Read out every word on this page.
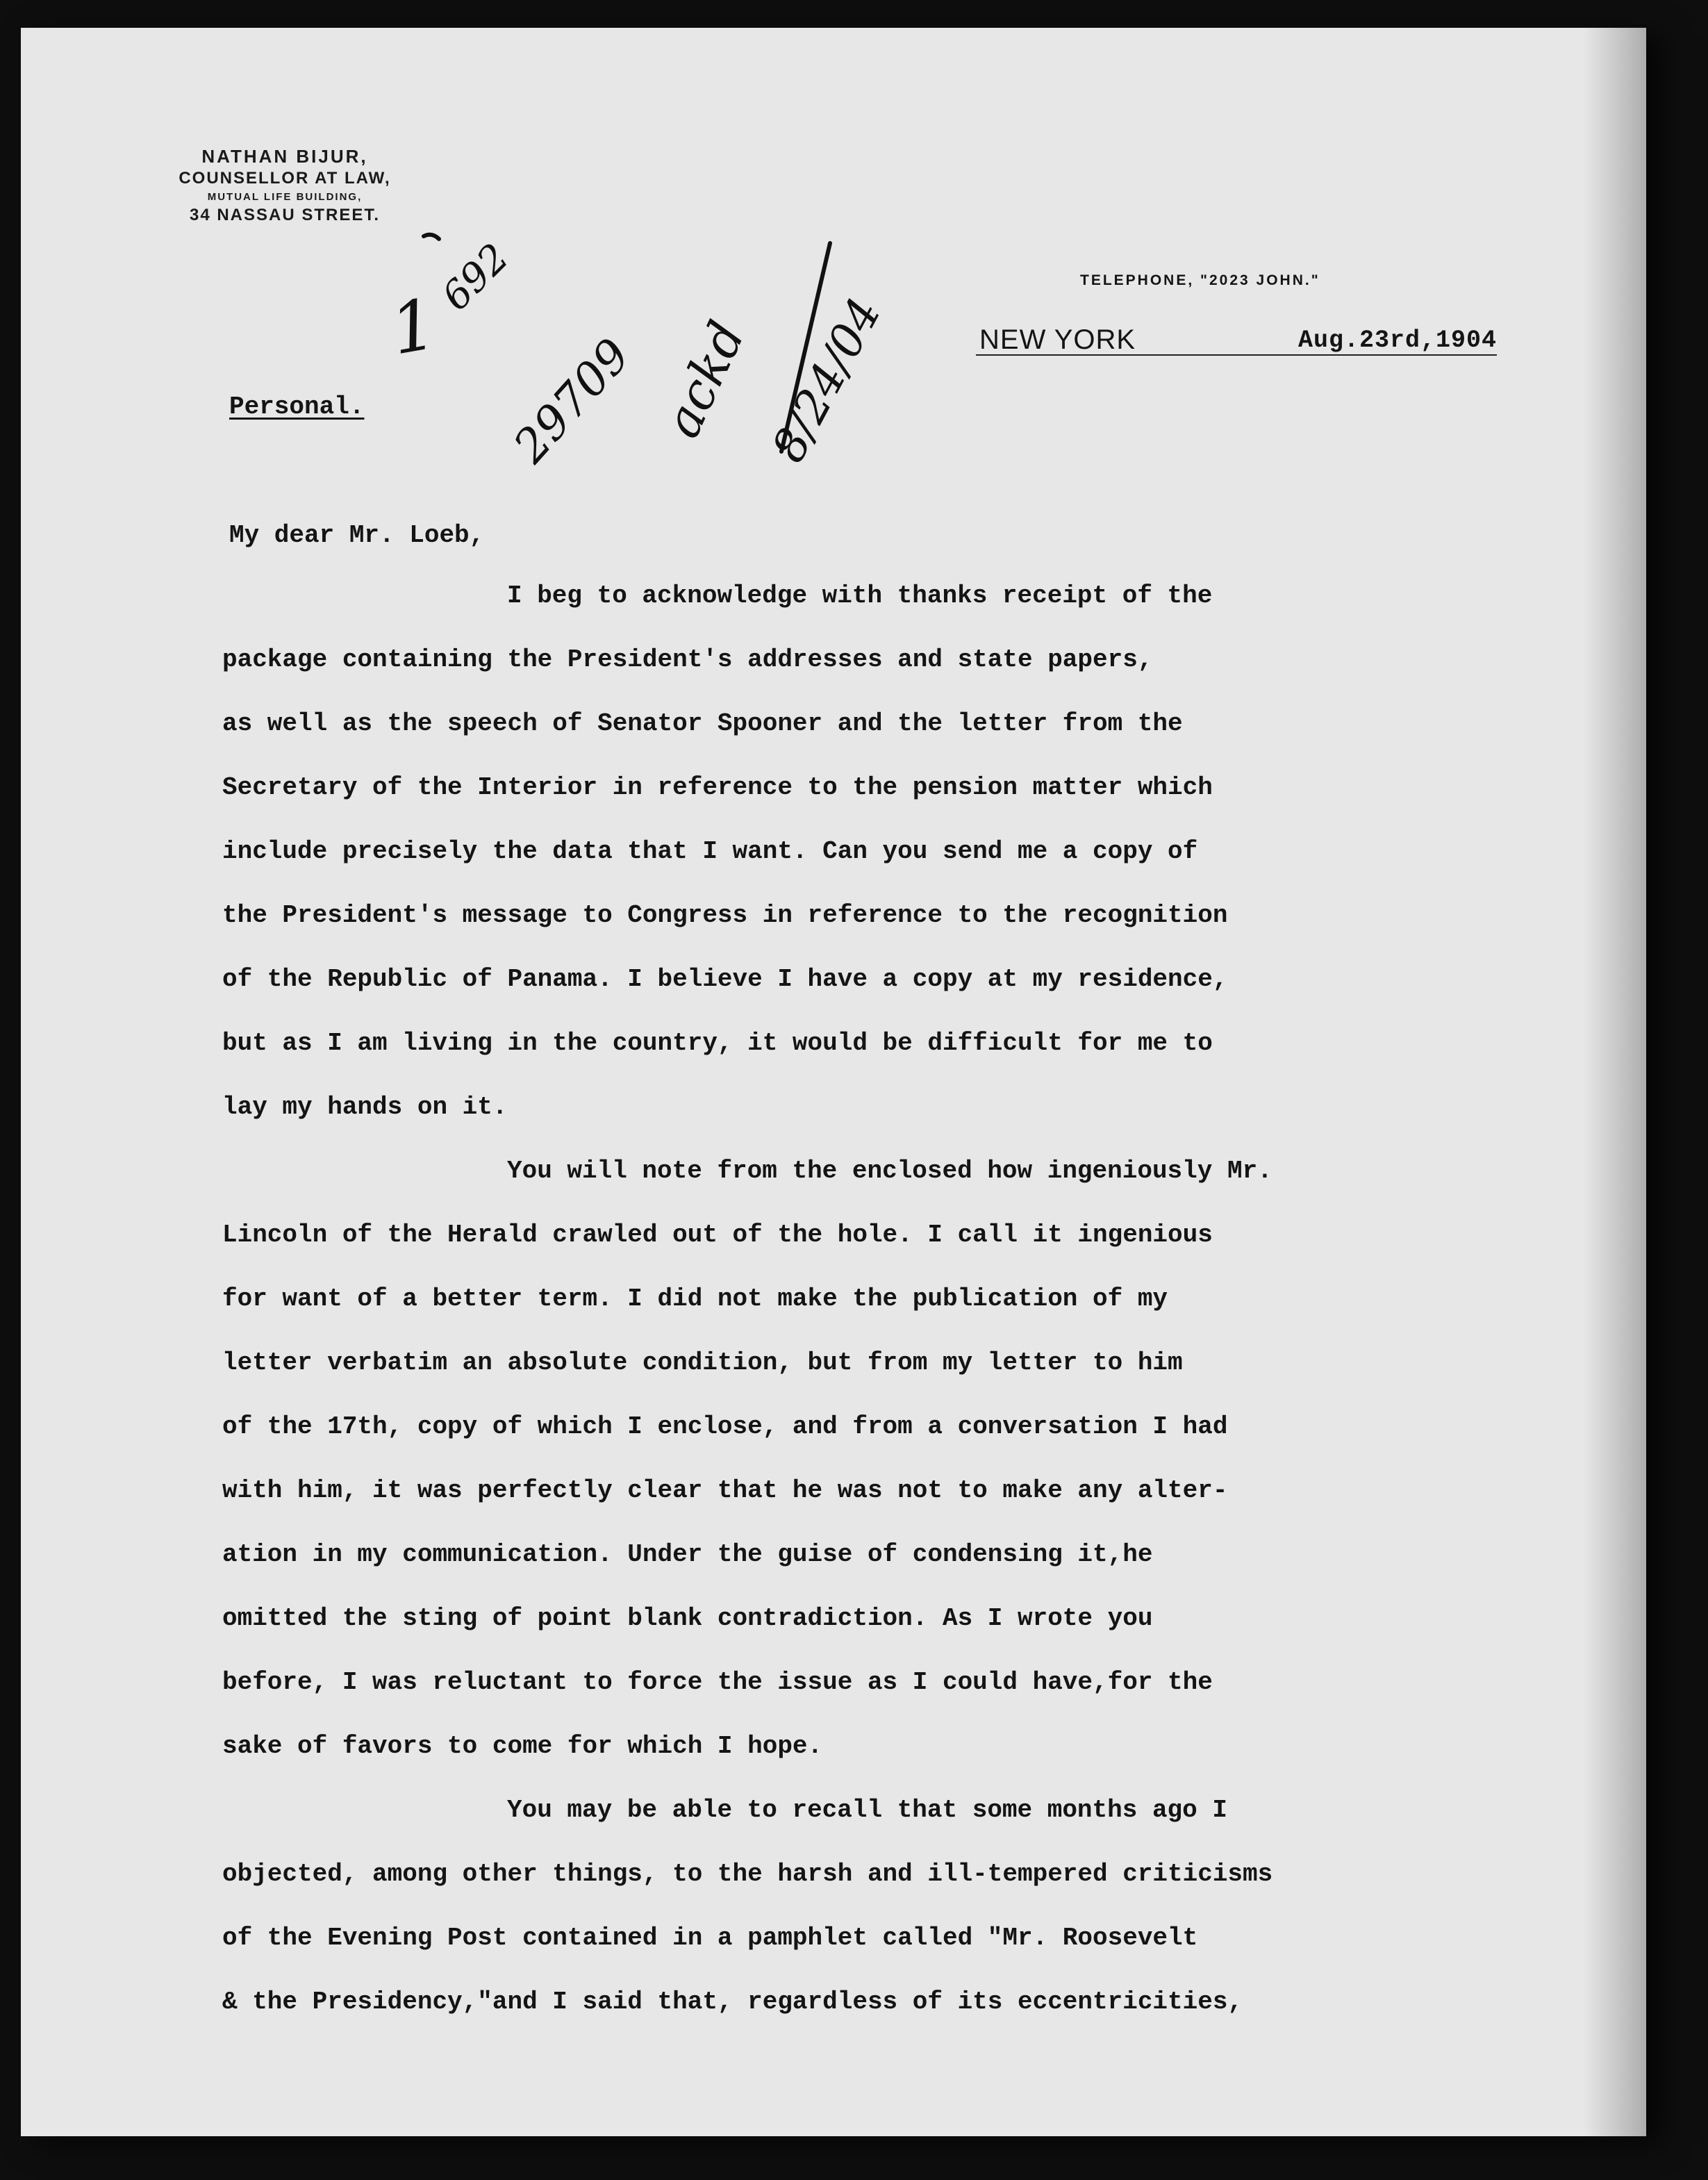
NATHAN BIJUR,
COUNSELLOR AT LAW,
MUTUAL LIFE BUILDING,
34 NASSAU STREET.
TELEPHONE, "2023 JOHN."
NEW YORK	Aug.23rd,1904
1
692
29709 ackd 8/24/04
Personal.
My dear Mr. Loeb,
I beg to acknowledge with thanks receipt of the
package containing the President's addresses and state papers,
as well as the speech of Senator Spooner and the letter from the
Secretary of the Interior in reference to the pension matter which
include precisely the data that I want. Can you send me a copy of
the President's message to Congress in reference to the recognition
of the Republic of Panama. I believe I have a copy at my residence,
but as I am living in the country, it would be difficult for me to
lay my hands on it.
You will note from the enclosed how ingeniously Mr.
Lincoln of the Herald crawled out of the hole. I call it ingenious
for want of a better term. I did not make the publication of my
letter verbatim an absolute condition, but from my letter to him
of the 17th, copy of which I enclose, and from a conversation I had
with him, it was perfectly clear that he was not to make any alter-
ation in my communication. Under the guise of condensing it,he
omitted the sting of point blank contradiction. As I wrote you
before, I was reluctant to force the issue as I could have,for the
sake of favors to come for which I hope.
You may be able to recall that some months ago I
objected, among other things, to the harsh and ill-tempered criticisms
of the Evening Post contained in a pamphlet called "Mr. Roosevelt
& the Presidency,"and I said that, regardless of its eccentricities,
